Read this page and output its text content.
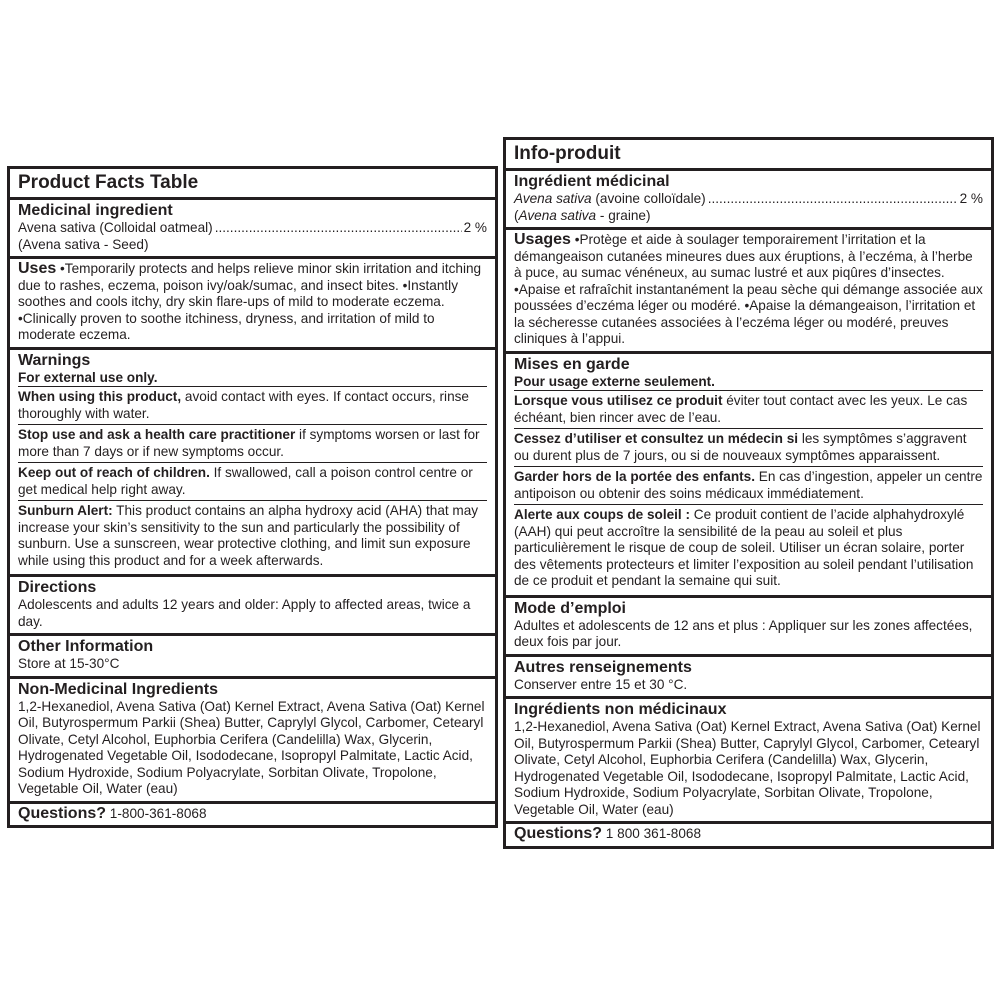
Product Facts Table
Medicinal ingredient
Avena sativa (Colloidal oatmeal) .....	2 %
(Avena sativa - Seed)
Uses •Temporarily protects and helps relieve minor skin irritation and itching due to rashes, eczema, poison ivy/oak/sumac, and insect bites. •Instantly soothes and cools itchy, dry skin flare-ups of mild to moderate eczema. •Clinically proven to soothe itchiness, dryness, and irritation of mild to moderate eczema.
Warnings
For external use only.
When using this product, avoid contact with eyes. If contact occurs, rinse thoroughly with water.
Stop use and ask a health care practitioner if symptoms worsen or last for more than 7 days or if new symptoms occur.
Keep out of reach of children. If swallowed, call a poison control centre or get medical help right away.
Sunburn Alert: This product contains an alpha hydroxy acid (AHA) that may increase your skin’s sensitivity to the sun and particularly the possibility of sunburn. Use a sunscreen, wear protective clothing, and limit sun exposure while using this product and for a week afterwards.
Directions
Adolescents and adults 12 years and older: Apply to affected areas, twice a day.
Other Information
Store at 15-30°C
Non-Medicinal Ingredients
1,2-Hexanediol, Avena Sativa (Oat) Kernel Extract, Avena Sativa (Oat) Kernel Oil, Butyrospermum Parkii (Shea) Butter, Caprylyl Glycol, Carbomer, Cetearyl Olivate, Cetyl Alcohol, Euphorbia Cerifera (Candelilla) Wax, Glycerin, Hydrogenated Vegetable Oil, Isododecane, Isopropyl Palmitate, Lactic Acid, Sodium Hydroxide, Sodium Polyacrylate, Sorbitan Olivate, Tropolone, Vegetable Oil, Water (eau)
Questions? 1-800-361-8068
Info-produit
Ingrédient médicinal
Avena sativa (avoine colloïdale) .....	2 %
(Avena sativa - graine)
Usages •Protège et aide à soulager temporairement l’irritation et la démangeaison cutanées mineures dues aux éruptions, à l’eczéma, à l’herbe à puce, au sumac vénéneux, au sumac lustré et aux piqûres d’insectes. •Apaise et rafraîchit instantanément la peau sèche qui démange associée aux poussées d’eczéma léger ou modéré. •Apaise la démangeaison, l’irritation et la sécheresse cutanées associées à l’eczéma léger ou modéré, preuves cliniques à l’appui.
Mises en garde
Pour usage externe seulement.
Lorsque vous utilisez ce produit éviter tout contact avec les yeux. Le cas échéant, bien rincer avec de l’eau.
Cessez d’utiliser et consultez un médecin si les symptômes s’aggravent ou durent plus de 7 jours, ou si de nouveaux symptômes apparaissent.
Garder hors de la portée des enfants. En cas d’ingestion, appeler un centre antipoison ou obtenir des soins médicaux immédiatement.
Alerte aux coups de soleil : Ce produit contient de l’acide alphahydroxylé (AAH) qui peut accroître la sensibilité de la peau au soleil et plus particulièrement le risque de coup de soleil. Utiliser un écran solaire, porter des vêtements protecteurs et limiter l’exposition au soleil pendant l’utilisation de ce produit et pendant la semaine qui suit.
Mode d’emploi
Adultes et adolescents de 12 ans et plus : Appliquer sur les zones affectées, deux fois par jour.
Autres renseignements
Conserver entre 15 et 30 °C.
Ingrédients non médicinaux
1,2-Hexanediol, Avena Sativa (Oat) Kernel Extract, Avena Sativa (Oat) Kernel Oil, Butyrospermum Parkii (Shea) Butter, Caprylyl Glycol, Carbomer, Cetearyl Olivate, Cetyl Alcohol, Euphorbia Cerifera (Candelilla) Wax, Glycerin, Hydrogenated Vegetable Oil, Isododecane, Isopropyl Palmitate, Lactic Acid, Sodium Hydroxide, Sodium Polyacrylate, Sorbitan Olivate, Tropolone, Vegetable Oil, Water (eau)
Questions? 1 800 361-8068
